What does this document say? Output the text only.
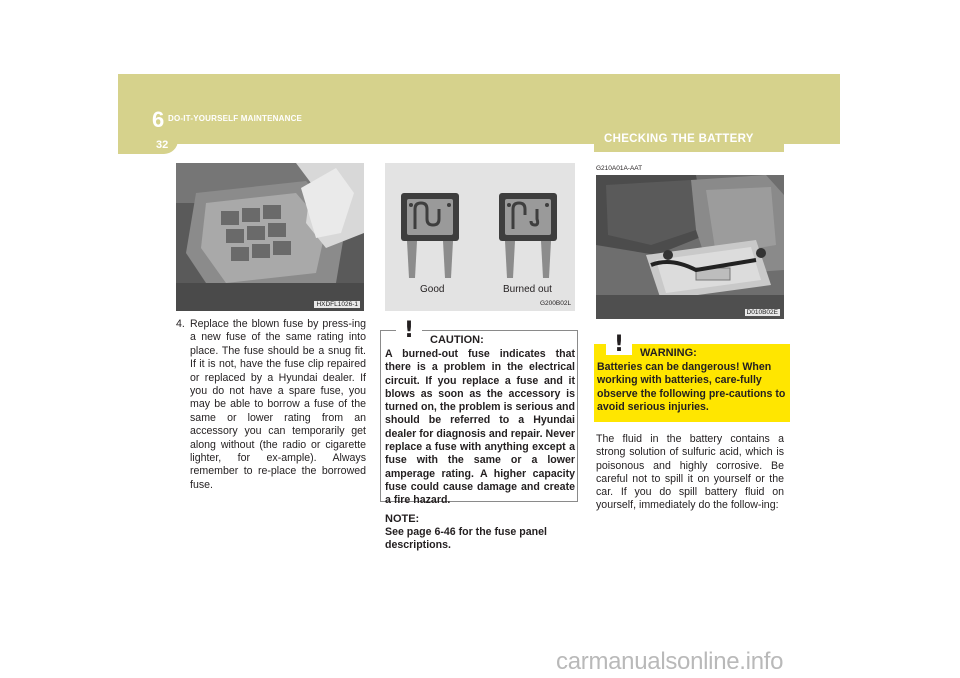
6 DO-IT-YOURSELF MAINTENANCE
32	CHECKING THE BATTERY
HXDFL1026-1
4. Replace the blown fuse by press-ing a new fuse of the same rating into place. The fuse should be a snug fit. If it is not, have the fuse clip repaired or replaced by a Hyundai dealer. If you do not have a spare fuse, you may be able to borrow a fuse of the same or lower rating from an accessory you can temporarily get along without (the radio or cigarette lighter, for ex-ample). Always remember to re-place the borrowed fuse.
Good	Burned out
G200B02L
! CAUTION:
A burned-out fuse indicates that there is a problem in the electrical circuit. If you replace a fuse and it blows as soon as the accessory is turned on, the problem is serious and should be referred to a Hyundai dealer for diagnosis and repair. Never replace a fuse with anything except a fuse with the same or a lower amperage rating. A higher capacity fuse could cause damage and create a fire hazard.
NOTE:
See page 6-46 for the fuse panel descriptions.
G210A01A-AAT
D010B02E
! WARNING:
Batteries can be dangerous! When working with batteries, care-fully observe the following pre-cautions to avoid serious injuries.
The fluid in the battery contains a strong solution of sulfuric acid, which is poisonous and highly corrosive. Be careful not to spill it on yourself or the car. If you do spill battery fluid on yourself, immediately do the follow-ing:
carmanualsonline.info
